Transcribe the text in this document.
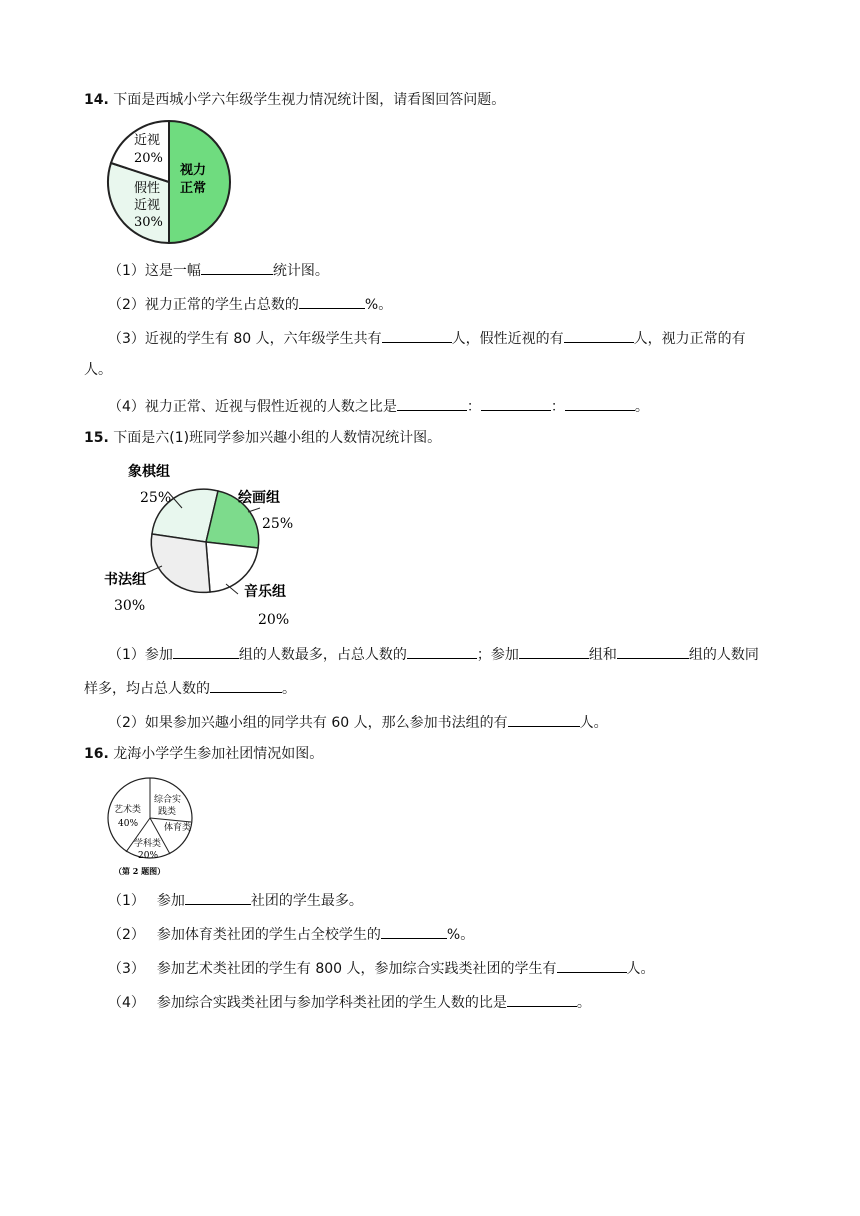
14. 下面是西城小学六年级学生视力情况统计图，请看图回答问题。
近视
20%
假性
近视
30%
视力
正常
（1）这是一幅	统计图。
（2）视力正常的学生占总数的	%。
（3）近视的学生有 80 人，六年级学生共有	人，假性近视的有	人，视力正常的有
人。
（4）视力正常、近视与假性近视的人数之比是	：	：	。
15. 下面是六(1)班同学参加兴趣小组的人数情况统计图。
象棋组
25%	绘画组
25%
书法组
30%
音乐组
20%
（1）参加	组的人数最多，占总人数的	；参加	组和	组的人数同
样多，均占总人数的	。
（2）如果参加兴趣小组的同学共有 60 人，那么参加书法组的有	人。
16. 龙海小学学生参加社团情况如图。
艺术类
40%
综合实
践类
体育类
学科类
20%
（第 2 题图）
（1） 参加	社团的学生最多。
（2） 参加体育类社团的学生占全校学生的	%。
（3） 参加艺术类社团的学生有 800 人，参加综合实践类社团的学生有	人。
（4） 参加综合实践类社团与参加学科类社团的学生人数的比是	。
